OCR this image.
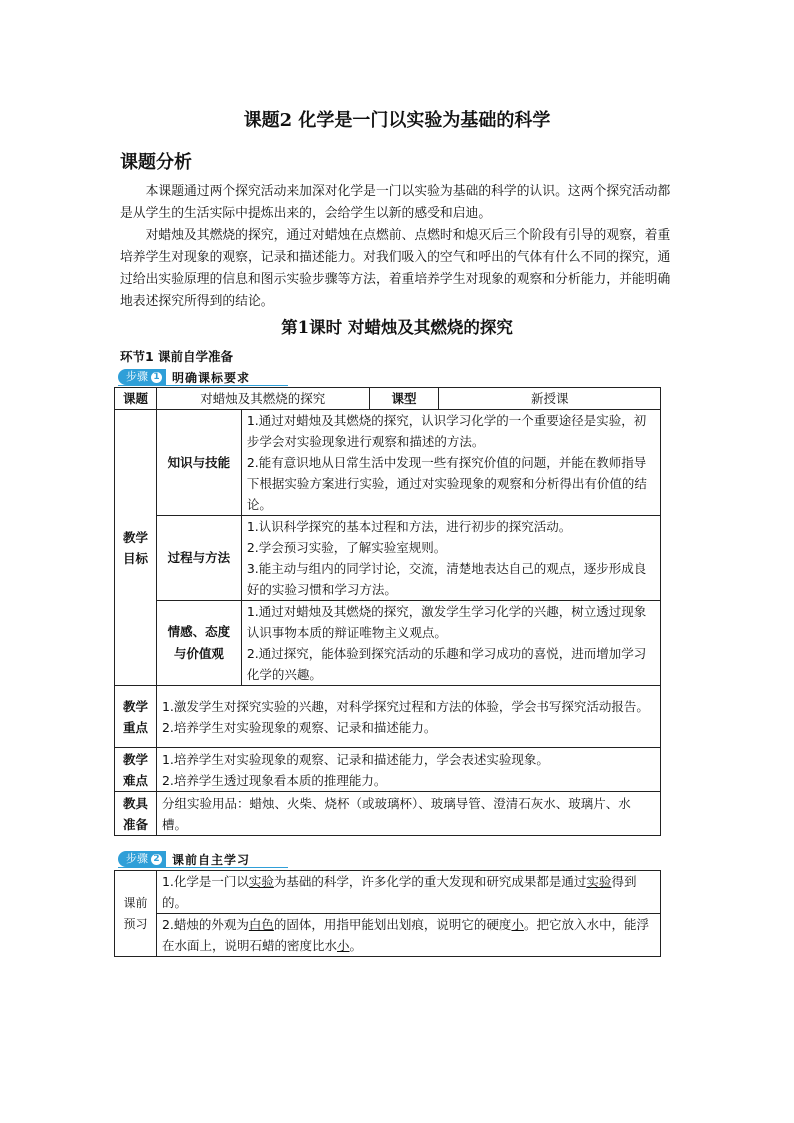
课题2 化学是一门以实验为基础的科学
课题分析

本课题通过两个探究活动来加深对化学是一门以实验为基础的科学的认识。这两个探究活动都是从学生的生活实际中提炼出来的，会给学生以新的感受和启迪。

对蜡烛及其燃烧的探究，通过对蜡烛在点燃前、点燃时和熄灭后三个阶段有引导的观察，着重培养学生对现象的观察，记录和描述能力。对我们吸入的空气和呼出的气体有什么不同的探究，通过给出实验原理的信息和图示实验步骤等方法，着重培养学生对现象的观察和分析能力，并能明确地表述探究所得到的结论。

第1课时 对蜡烛及其燃烧的探究
环节1 课前自学准备
步骤 1 明确课标要求
课题	对蜡烛及其燃烧的探究		课型	新授课
教学目标	知识与技能	1.通过对蜡烛及其燃烧的探究，认识学习化学的一个重要途径是实验，初步学会对实验现象进行观察和描述的方法。
2.能有意识地从日常生活中发现一些有探究价值的问题，并能在教师指导下根据实验方案进行实验，通过对实验现象的观察和分析得出有价值的结论。		
	过程与方法	1.认识科学探究的基本过程和方法，进行初步的探究活动。
2.学会预习实验，了解实验室规则。
3.能主动与组内的同学讨论，交流，清楚地表达自己的观点，逐步形成良好的实验习惯和学习方法。		
	情感、态度与价值观	1.通过对蜡烛及其燃烧的探究，激发学生学习化学的兴趣，树立透过现象认识事物本质的辩证唯物主义观点。
2.通过探究，能体验到探究活动的乐趣和学习成功的喜悦，进而增加学习化学的兴趣。		
教学重点	1.激发学生对探究实验的兴趣，对科学探究过程和方法的体验，学会书写探究活动报告。
2.培养学生对实验现象的观察、记录和描述能力。			
教学难点	1.培养学生对实验现象的观察、记录和描述能力，学会表述实验现象。
2.培养学生透过现象看本质的推理能力。			
教具准备	分组实验用品：蜡烛、火柴、烧杯（或玻璃杯）、玻璃导管、澄清石灰水、玻璃片、水槽。			
步骤 2 课前自主学习
课前预习	1.化学是一门以实验为基础的科学，许多化学的重大发现和研究成果都是通过实验得到的。
2.蜡烛的外观为白色的固体，用指甲能划出划痕，说明它的硬度小。把它放入水中，能浮在水面上，说明石蜡的密度比水小。
